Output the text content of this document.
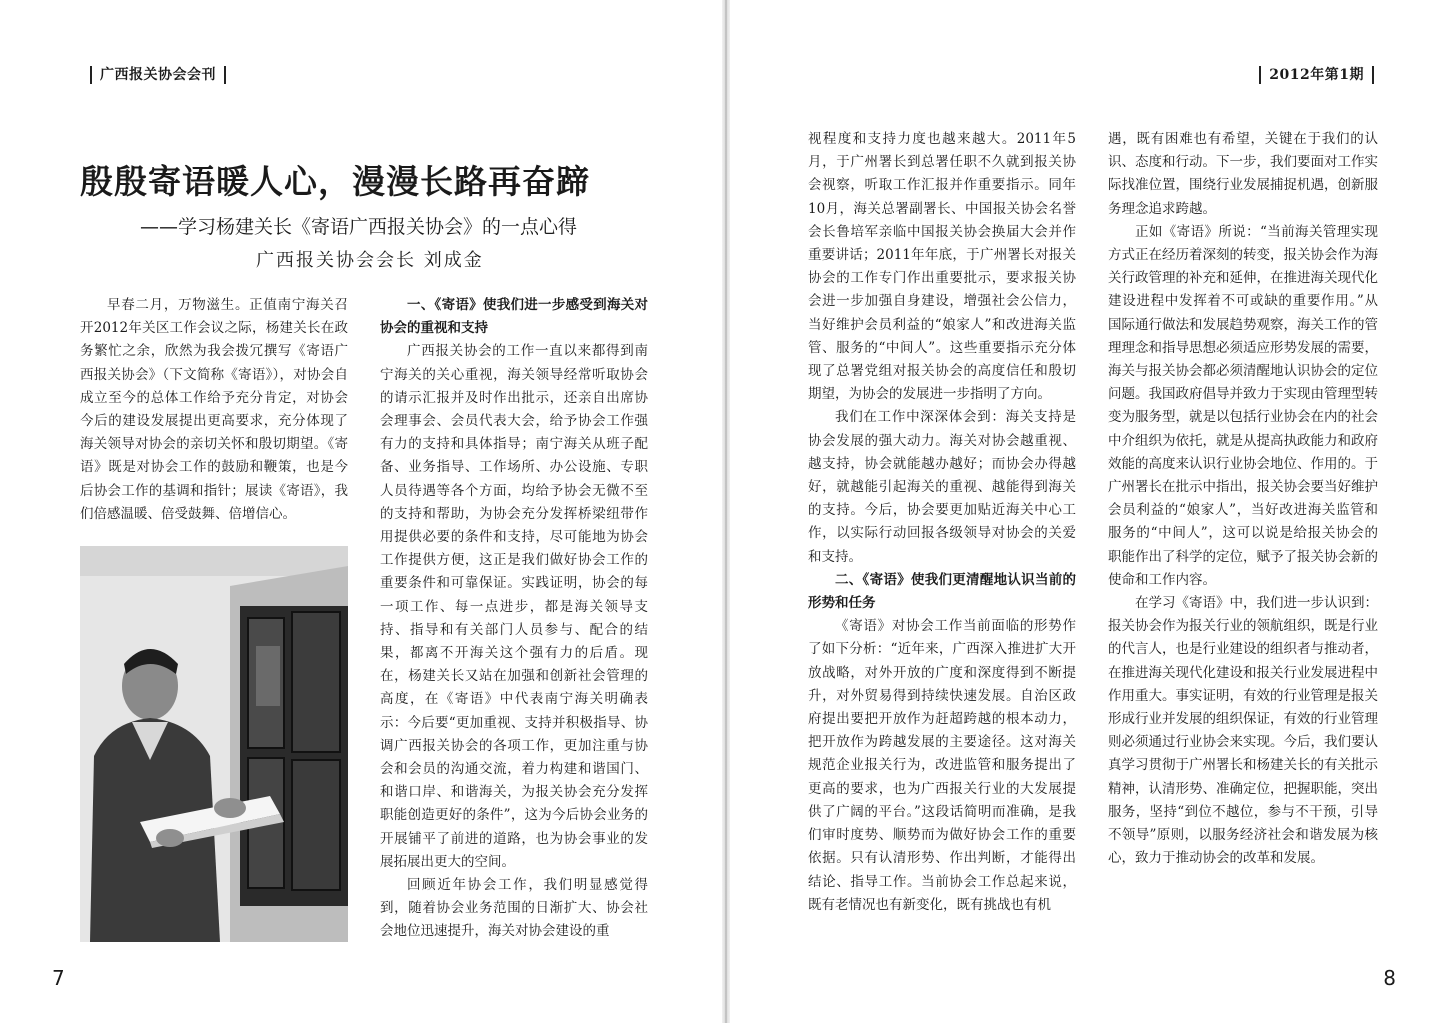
广西报关协会会刊
殷殷寄语暖人心，漫漫长路再奋蹄
——学习杨建关长《寄语广西报关协会》的一点心得
广西报关协会会长 刘成金

早春二月，万物滋生。正值南宁海关召开2012年关区工作会议之际，杨建关长在政务繁忙之余，欣然为我会拨冗撰写《寄语广西报关协会》（下文简称《寄语》），对协会自成立至今的总体工作给予充分肯定，对协会今后的建设发展提出更高要求，充分体现了海关领导对协会的亲切关怀和殷切期望。《寄语》既是对协会工作的鼓励和鞭策，也是今后协会工作的基调和指针；展读《寄语》，我们倍感温暖、倍受鼓舞、倍增信心。

一、《寄语》使我们进一步感受到海关对协会的重视和支持

广西报关协会的工作一直以来都得到南宁海关的关心重视，海关领导经常听取协会的请示汇报并及时作出批示，还亲自出席协会理事会、会员代表大会，给予协会工作强有力的支持和具体指导；南宁海关从班子配备、业务指导、工作场所、办公设施、专职人员待遇等各个方面，均给予协会无微不至的支持和帮助，为协会充分发挥桥梁纽带作用提供必要的条件和支持，尽可能地为协会工作提供方便，这正是我们做好协会工作的重要条件和可靠保证。实践证明，协会的每一项工作、每一点进步，都是海关领导支持、指导和有关部门人员参与、配合的结果，都离不开海关这个强有力的后盾。现在，杨建关长又站在加强和创新社会管理的高度，在《寄语》中代表南宁海关明确表示：今后要“更加重视、支持并积极指导、协调广西报关协会的各项工作，更加注重与协会和会员的沟通交流，着力构建和谐国门、和谐口岸、和谐海关，为报关协会充分发挥职能创造更好的条件”，这为今后协会业务的开展铺平了前进的道路，也为协会事业的发展拓展出更大的空间。

回顾近年协会工作，我们明显感觉得到，随着协会业务范围的日渐扩大、协会社会地位迅速提升，海关对协会建设的重

7
2012年第1期

视程度和支持力度也越来越大。2011年5月，于广州署长到总署任职不久就到报关协会视察，听取工作汇报并作重要指示。同年10月，海关总署副署长、中国报关协会名誉会长鲁培军亲临中国报关协会换届大会并作重要讲话；2011年年底，于广州署长对报关协会的工作专门作出重要批示，要求报关协会进一步加强自身建设，增强社会公信力，当好维护会员利益的“娘家人”和改进海关监管、服务的“中间人”。这些重要指示充分体现了总署党组对报关协会的高度信任和殷切期望，为协会的发展进一步指明了方向。

我们在工作中深深体会到：海关支持是协会发展的强大动力。海关对协会越重视、越支持，协会就能越办越好；而协会办得越好，就越能引起海关的重视、越能得到海关的支持。今后，协会要更加贴近海关中心工作，以实际行动回报各级领导对协会的关爱和支持。

二、《寄语》使我们更清醒地认识当前的形势和任务

《寄语》对协会工作当前面临的形势作了如下分析：“近年来，广西深入推进扩大开放战略，对外开放的广度和深度得到不断提升，对外贸易得到持续快速发展。自治区政府提出要把开放作为赶超跨越的根本动力，把开放作为跨越发展的主要途径。这对海关规范企业报关行为，改进监管和服务提出了更高的要求，也为广西报关行业的大发展提供了广阔的平台。”这段话简明而准确，是我们审时度势、顺势而为做好协会工作的重要依据。只有认清形势、作出判断，才能得出结论、指导工作。当前协会工作总起来说，既有老情况也有新变化，既有挑战也有机

遇，既有困难也有希望，关键在于我们的认识、态度和行动。下一步，我们要面对工作实际找准位置，围绕行业发展捕捉机遇，创新服务理念追求跨越。

正如《寄语》所说：“当前海关管理实现方式正在经历着深刻的转变，报关协会作为海关行政管理的补充和延伸，在推进海关现代化建设进程中发挥着不可或缺的重要作用。”从国际通行做法和发展趋势观察，海关工作的管理理念和指导思想必须适应形势发展的需要，海关与报关协会都必须清醒地认识协会的定位问题。我国政府倡导并致力于实现由管理型转变为服务型，就是以包括行业协会在内的社会中介组织为依托，就是从提高执政能力和政府效能的高度来认识行业协会地位、作用的。于广州署长在批示中指出，报关协会要当好维护会员利益的“娘家人”，当好改进海关监管和服务的“中间人”，这可以说是给报关协会的职能作出了科学的定位，赋予了报关协会新的使命和工作内容。

在学习《寄语》中，我们进一步认识到：报关协会作为报关行业的领航组织，既是行业的代言人，也是行业建设的组织者与推动者，在推进海关现代化建设和报关行业发展进程中作用重大。事实证明，有效的行业管理是报关形成行业并发展的组织保证，有效的行业管理则必须通过行业协会来实现。今后，我们要认真学习贯彻于广州署长和杨建关长的有关批示精神，认清形势、准确定位，把握职能，突出服务，坚持“到位不越位，参与不干预，引导不领导”原则，以服务经济社会和谐发展为核心，致力于推动协会的改革和发展。

8
